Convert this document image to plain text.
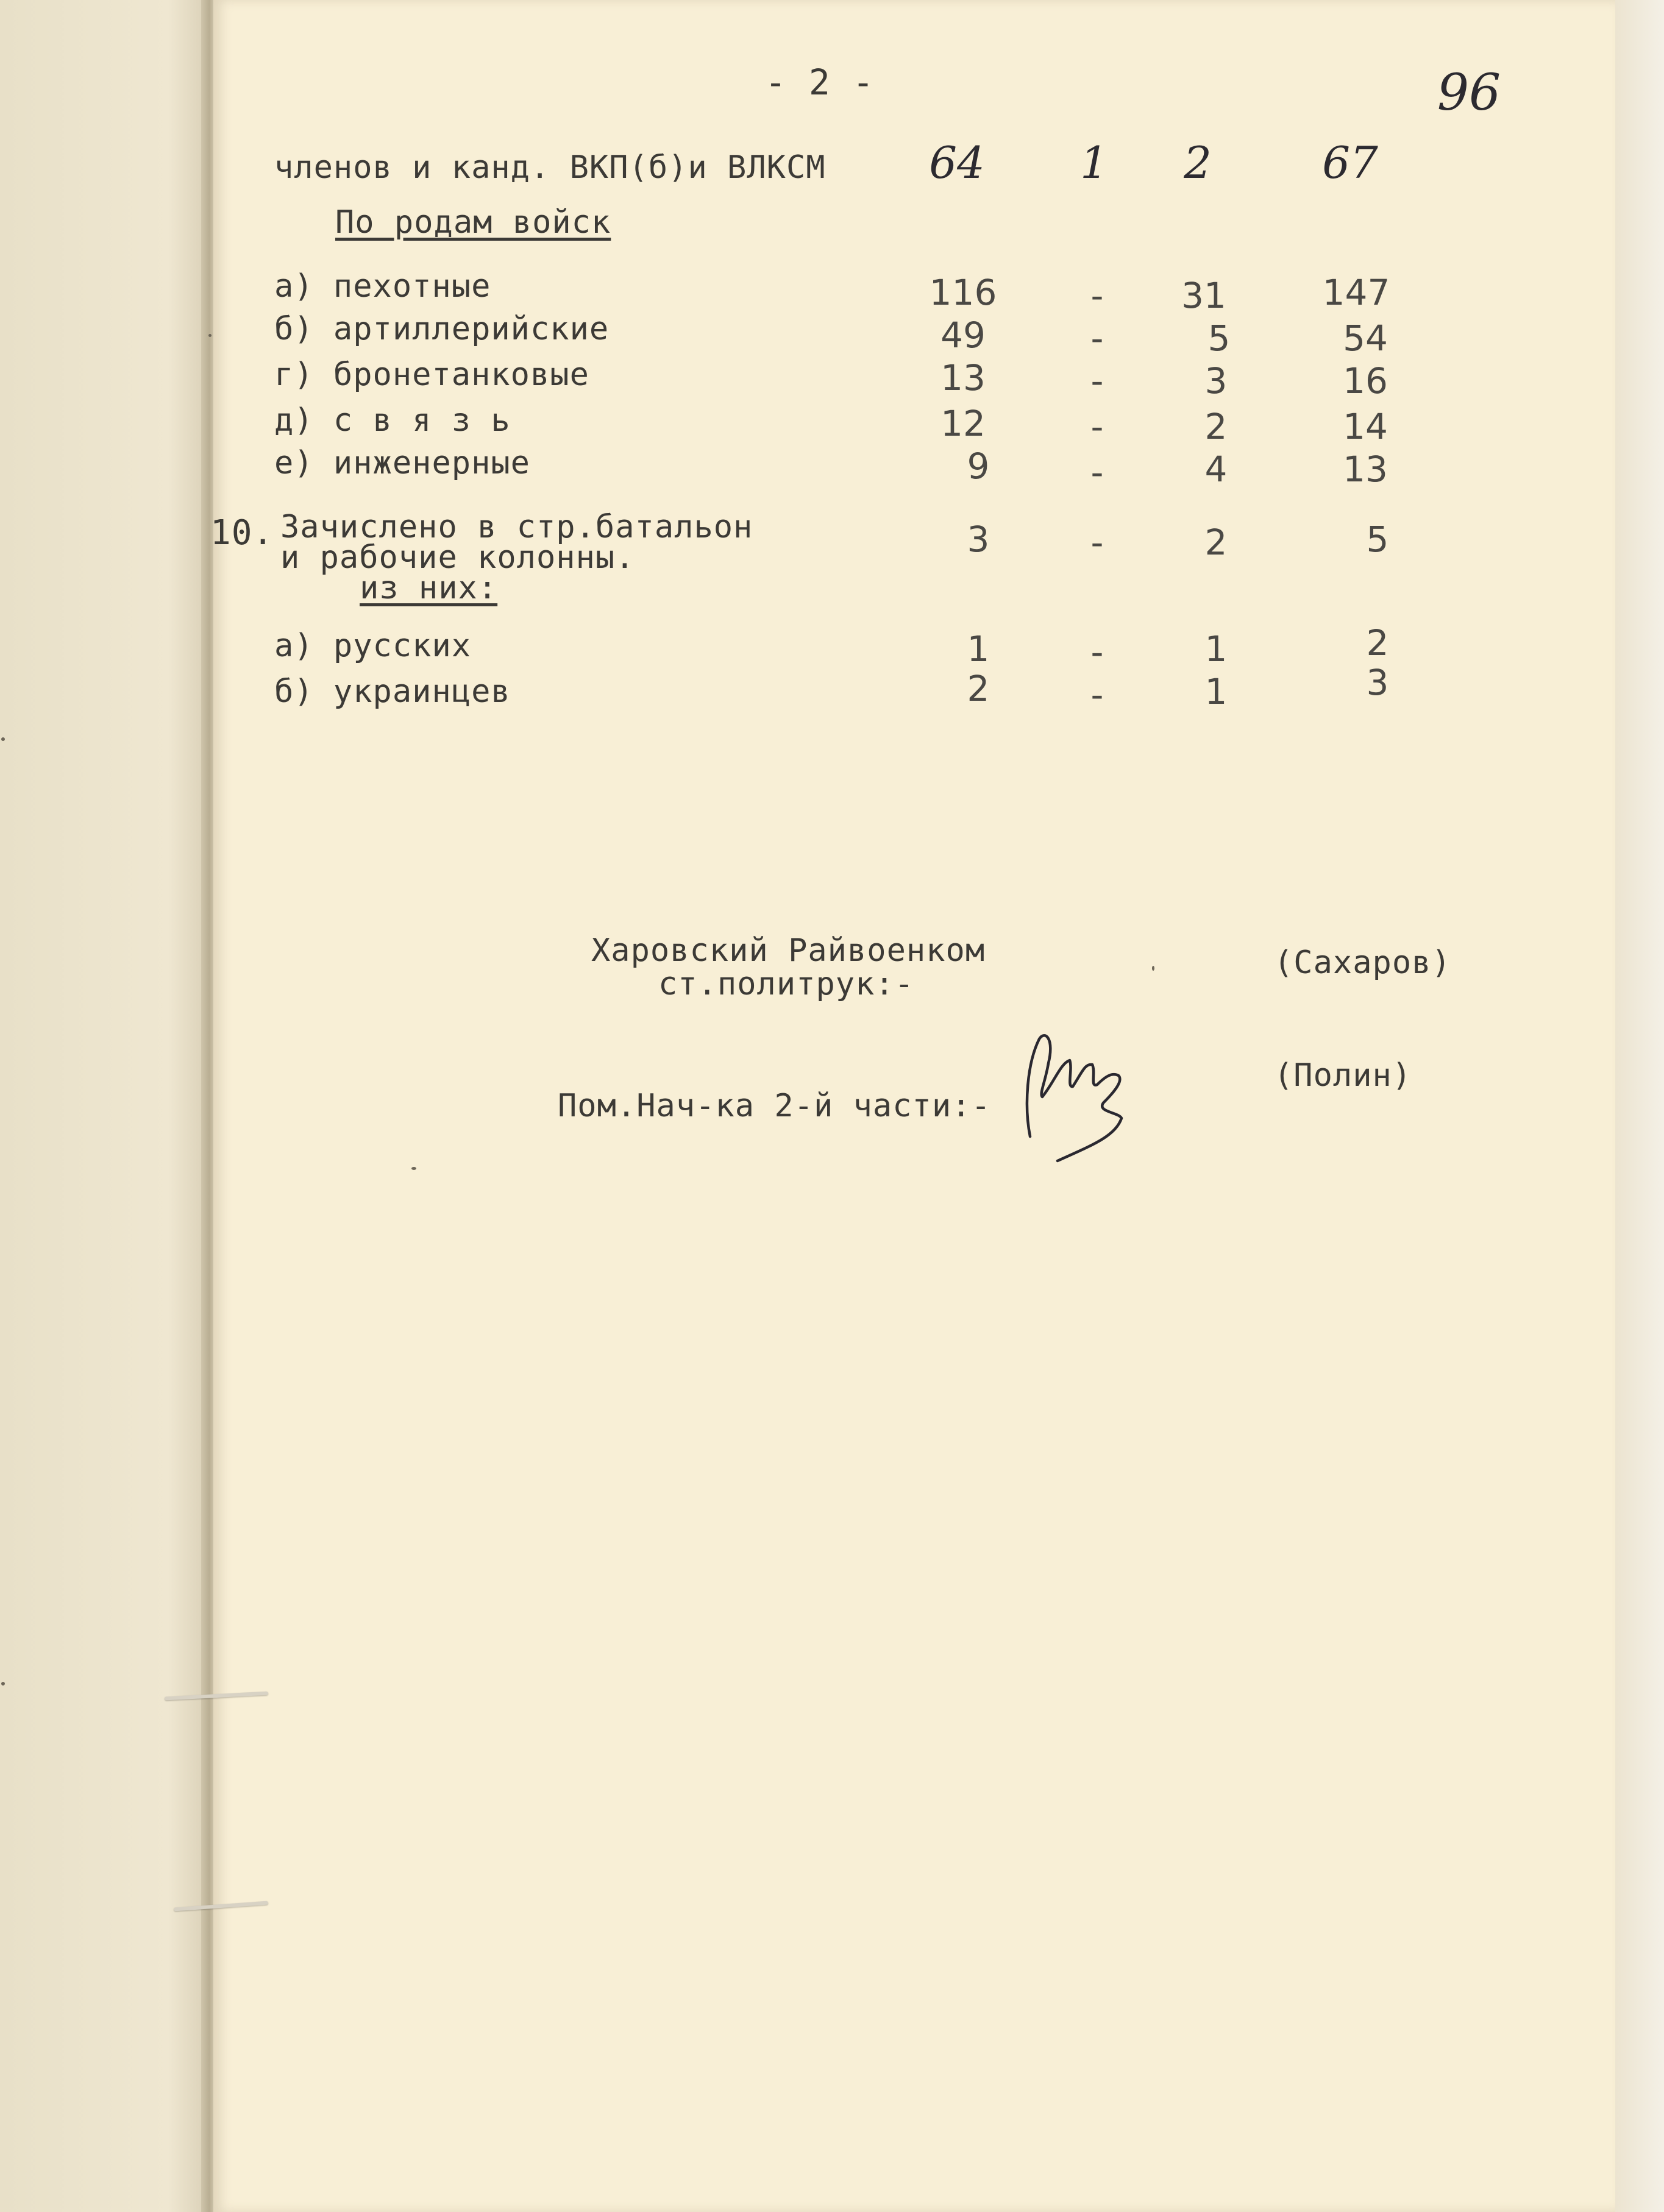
- 2 -	96
членов и канд. ВКП(б)и ВЛКСМ	64	1	2	67
По родам войск
а) пехотные	116	-	31	147
б) артиллерийские	49	-	5	54
г) бронетанковые	13	-	3	16
д) с в я з ь	12	-	2	14
е) инженерные	9	-	4	13
10. Зачислено в стр.батальон
и рабочие колонны.	3	-	2	5
из них:
а) русских	1	-	1	2
б) украинцев	2	-	1	3
Харовский Райвоенком
ст.политрук:-
(Сахаров)
Пом.Нач-ка 2-й части:-
(Полин)
